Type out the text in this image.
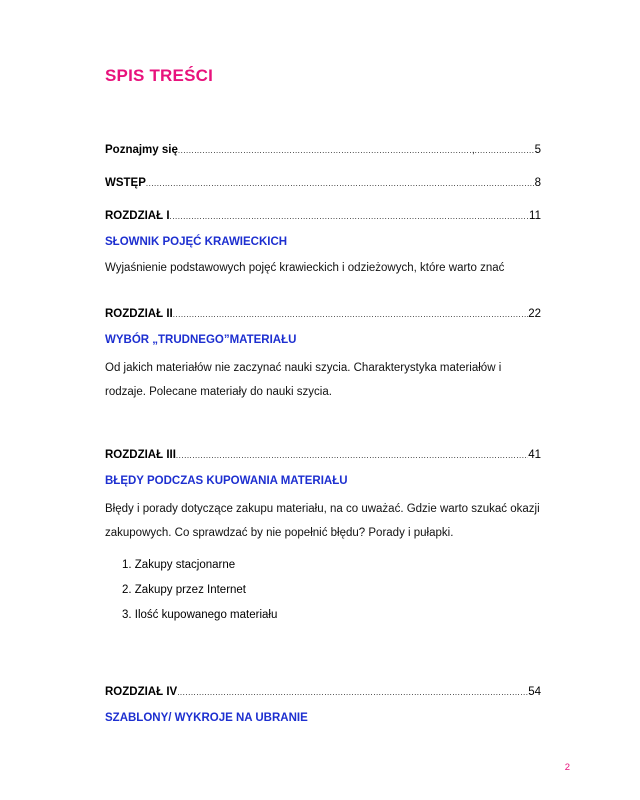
SPIS TREŚCI
Poznajmy się .....	, .....	5
WSTĘP .....	8
ROZDZIAŁ I .....	11
SŁOWNIK POJĘĆ KRAWIECKICH
Wyjaśnienie podstawowych pojęć krawieckich i odzieżowych, które warto znać
ROZDZIAŁ II .....	22
WYBÓR „TRUDNEGO”MATERIAŁU
Od jakich materiałów nie zaczynać nauki szycia. Charakterystyka materiałów i rodzaje. Polecane materiały do nauki szycia.
ROZDZIAŁ III .....	41
BŁĘDY PODCZAS KUPOWANIA MATERIAŁU
Błędy i porady dotyczące zakupu materiału, na co uważać. Gdzie warto szukać okazji zakupowych. Co sprawdzać by nie popełnić błędu? Porady i pułapki.
1. Zakupy stacjonarne
2. Zakupy przez Internet
3. Ilość kupowanego materiału
ROZDZIAŁ IV .....	54
SZABLONY/ WYKROJE NA UBRANIE
2
